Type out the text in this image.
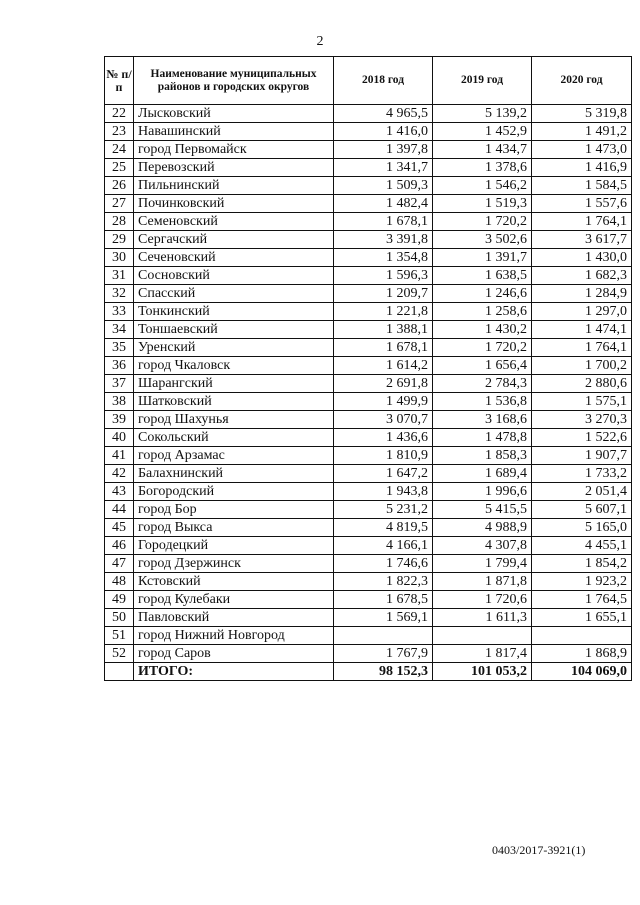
2
№ п/п	Наименование муниципальных районов и городских округов	2018 год	2019 год	2020 год
22	Лысковский	4 965,5	5 139,2	5 319,8
23	Навашинский	1 416,0	1 452,9	1 491,2
24	город Первомайск	1 397,8	1 434,7	1 473,0
25	Перевозский	1 341,7	1 378,6	1 416,9
26	Пильнинский	1 509,3	1 546,2	1 584,5
27	Починковский	1 482,4	1 519,3	1 557,6
28	Семеновский	1 678,1	1 720,2	1 764,1
29	Сергачский	3 391,8	3 502,6	3 617,7
30	Сеченовский	1 354,8	1 391,7	1 430,0
31	Сосновский	1 596,3	1 638,5	1 682,3
32	Спасский	1 209,7	1 246,6	1 284,9
33	Тонкинский	1 221,8	1 258,6	1 297,0
34	Тоншаевский	1 388,1	1 430,2	1 474,1
35	Уренский	1 678,1	1 720,2	1 764,1
36	город Чкаловск	1 614,2	1 656,4	1 700,2
37	Шарангский	2 691,8	2 784,3	2 880,6
38	Шатковский	1 499,9	1 536,8	1 575,1
39	город Шахунья	3 070,7	3 168,6	3 270,3
40	Сокольский	1 436,6	1 478,8	1 522,6
41	город Арзамас	1 810,9	1 858,3	1 907,7
42	Балахнинский	1 647,2	1 689,4	1 733,2
43	Богородский	1 943,8	1 996,6	2 051,4
44	город Бор	5 231,2	5 415,5	5 607,1
45	город Выкса	4 819,5	4 988,9	5 165,0
46	Городецкий	4 166,1	4 307,8	4 455,1
47	город Дзержинск	1 746,6	1 799,4	1 854,2
48	Кстовский	1 822,3	1 871,8	1 923,2
49	город Кулебаки	1 678,5	1 720,6	1 764,5
50	Павловский	1 569,1	1 611,3	1 655,1
51	город Нижний Новгород			
52	город Саров	1 767,9	1 817,4	1 868,9
	ИТОГО:	98 152,3	101 053,2	104 069,0
0403/2017-3921(1)
